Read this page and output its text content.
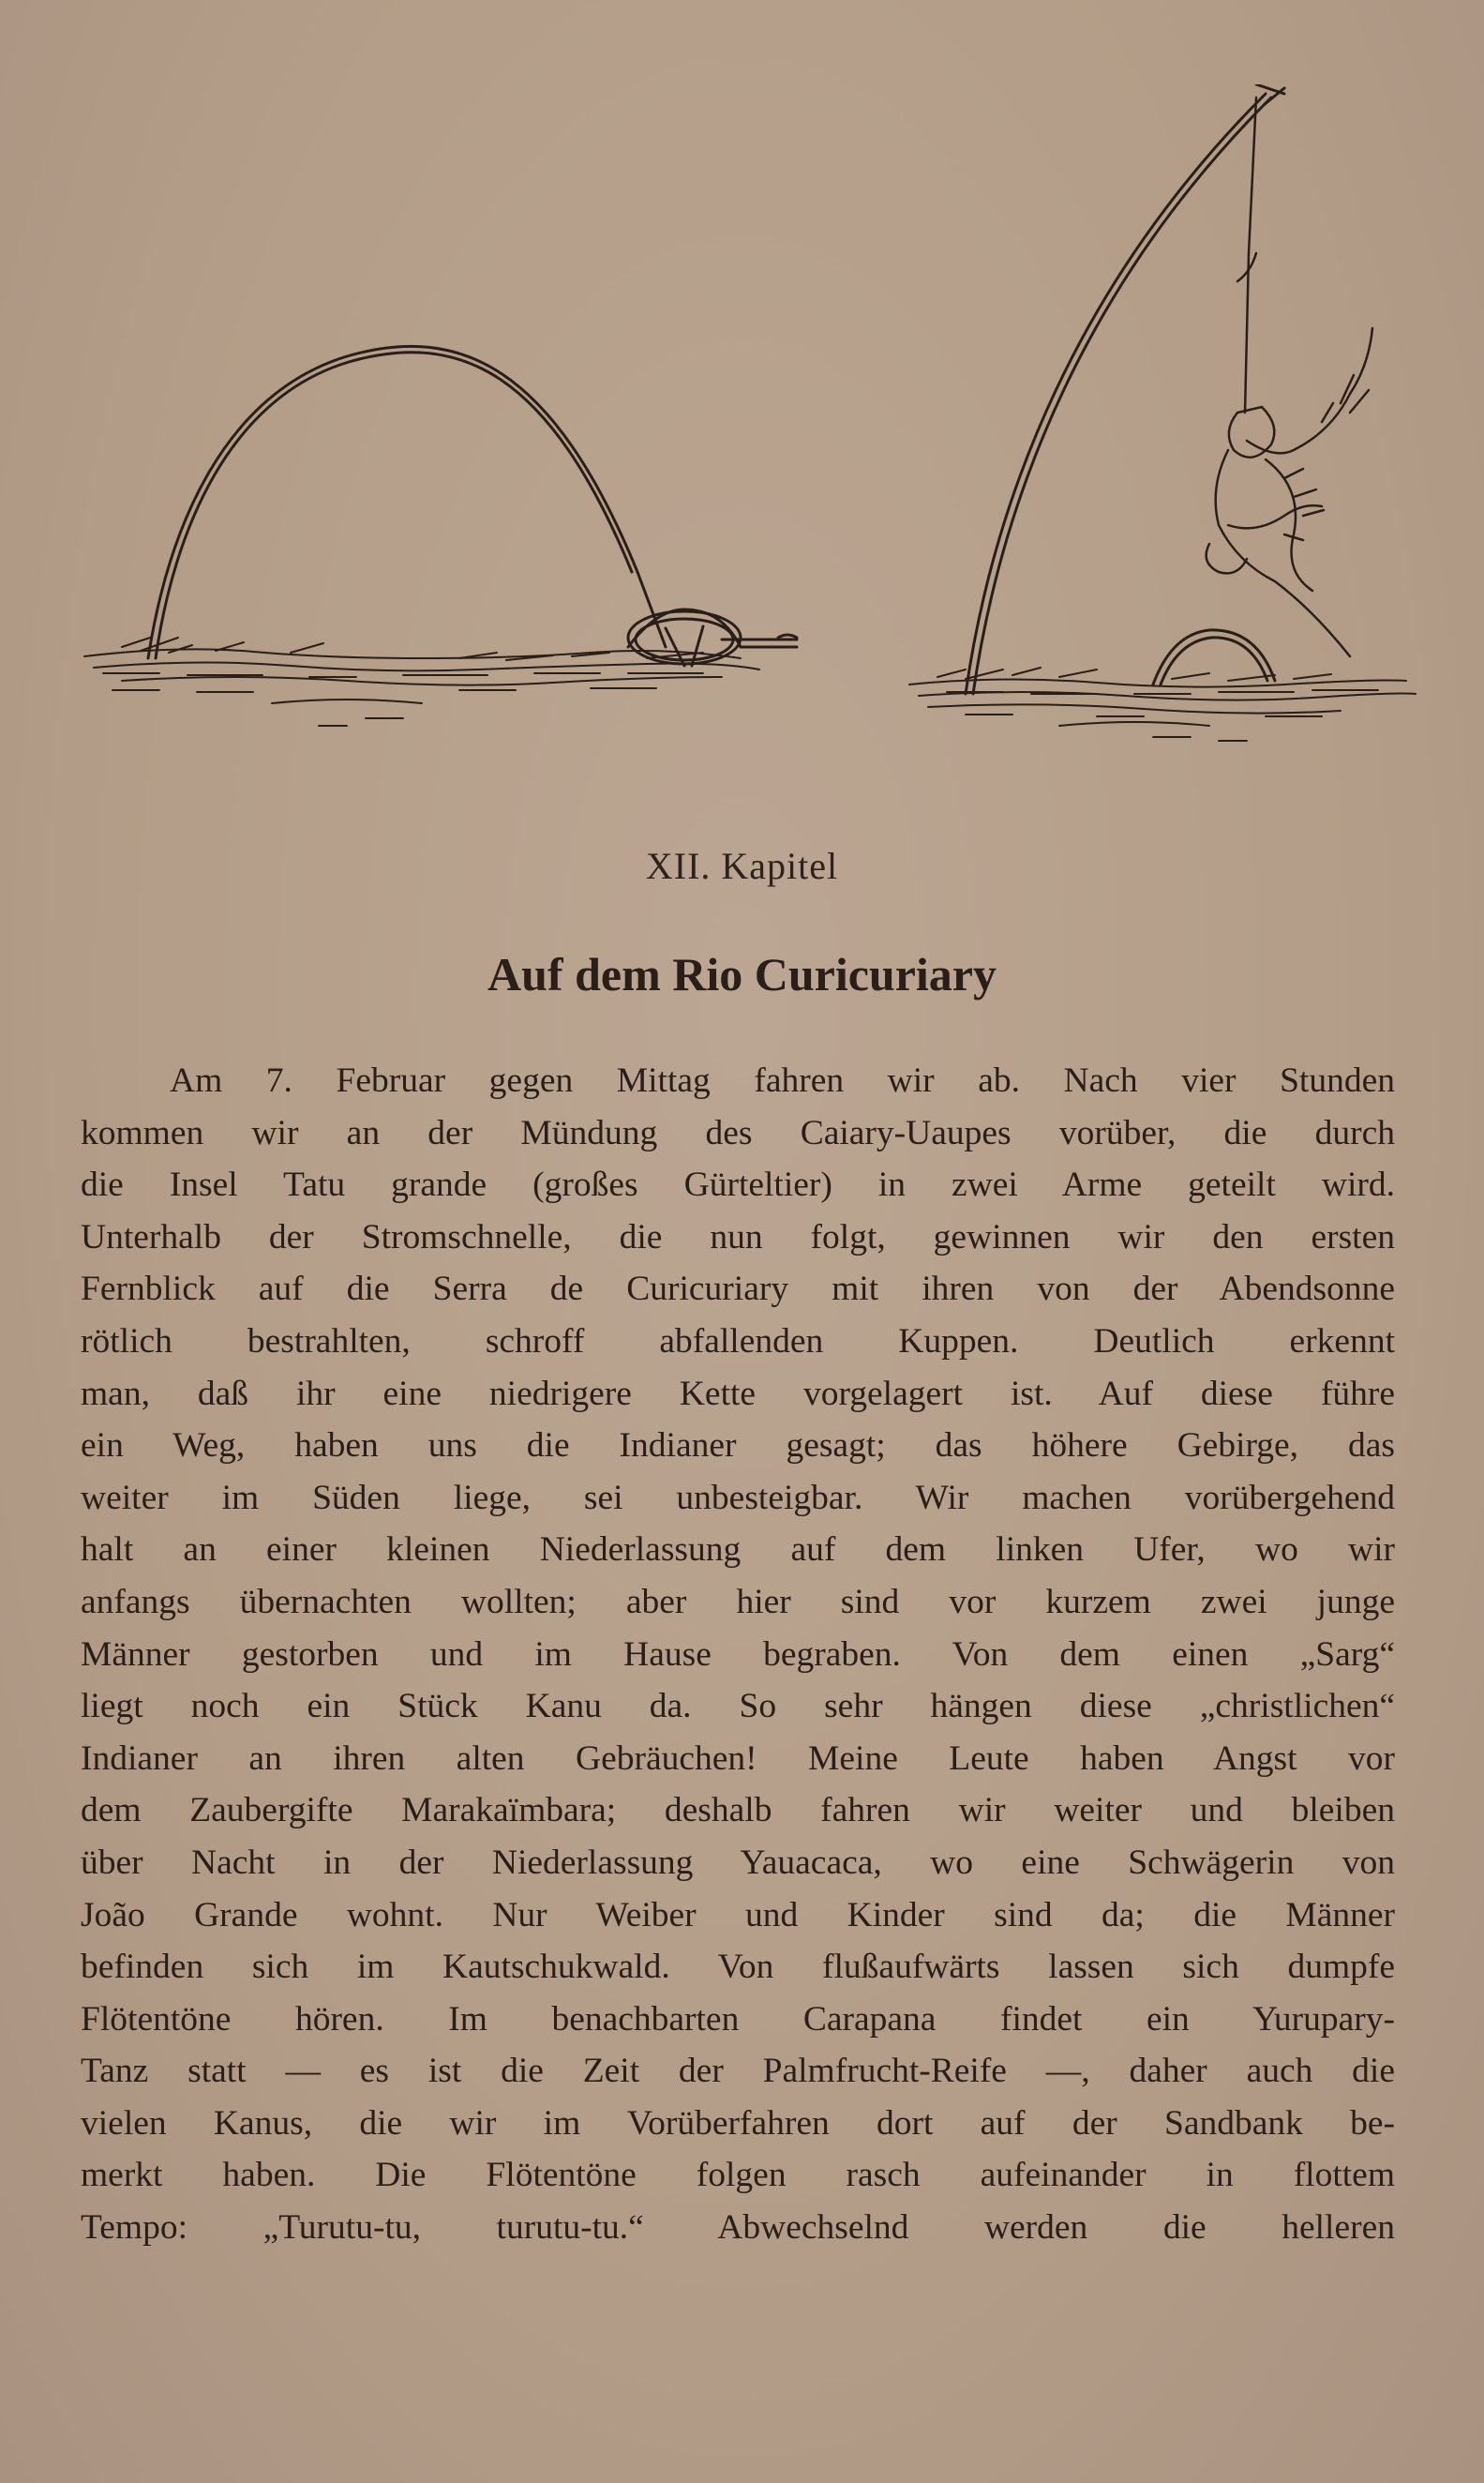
XII. Kapitel
Auf dem Rio Curicuriary
Am 7. Februar gegen Mittag fahren wir ab. Nach vier Stunden
kommen wir an der Mündung des Caiary-Uaupes vorüber, die durch
die Insel Tatu grande (großes Gürteltier) in zwei Arme geteilt wird.
Unterhalb der Stromschnelle, die nun folgt, gewinnen wir den ersten
Fernblick auf die Serra de Curicuriary mit ihren von der Abendsonne
rötlich bestrahlten, schroff abfallenden Kuppen. Deutlich erkennt
man, daß ihr eine niedrigere Kette vorgelagert ist. Auf diese führe
ein Weg, haben uns die Indianer gesagt; das höhere Gebirge, das
weiter im Süden liege, sei unbesteigbar. Wir machen vorübergehend
halt an einer kleinen Niederlassung auf dem linken Ufer, wo wir
anfangs übernachten wollten; aber hier sind vor kurzem zwei junge
Männer gestorben und im Hause begraben. Von dem einen „Sarg“
liegt noch ein Stück Kanu da. So sehr hängen diese „christlichen“
Indianer an ihren alten Gebräuchen! Meine Leute haben Angst vor
dem Zaubergifte Marakaïmbara; deshalb fahren wir weiter und bleiben
über Nacht in der Niederlassung Yauacaca, wo eine Schwägerin von
João Grande wohnt. Nur Weiber und Kinder sind da; die Männer
befinden sich im Kautschukwald. Von flußaufwärts lassen sich dumpfe
Flötentöne hören. Im benachbarten Carapana findet ein Yurupary-
Tanz statt — es ist die Zeit der Palmfrucht-Reife —, daher auch die
vielen Kanus, die wir im Vorüberfahren dort auf der Sandbank be-
merkt haben. Die Flötentöne folgen rasch aufeinander in flottem
Tempo: „Turutu-tu, turutu-tu.“ Abwechselnd werden die helleren
